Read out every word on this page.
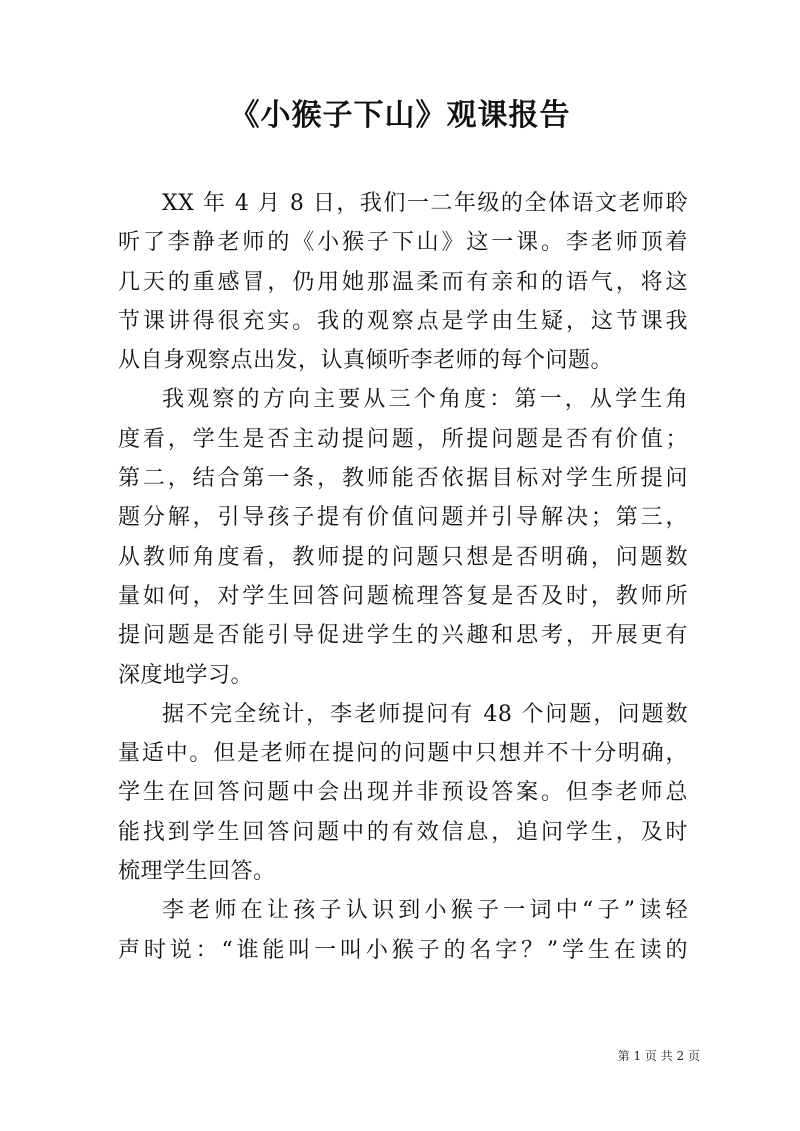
《小猴子下山》观课报告
XX 年 4 月 8 日，我们一二年级的全体语文老师聆
听了李静老师的《小猴子下山》这一课。李老师顶着
几天的重感冒，仍用她那温柔而有亲和的语气，将这
节课讲得很充实。我的观察点是学由生疑，这节课我
从自身观察点出发，认真倾听李老师的每个问题。
我观察的方向主要从三个角度：第一，从学生角
度看，学生是否主动提问题，所提问题是否有价值；
第二，结合第一条，教师能否依据目标对学生所提问
题分解，引导孩子提有价值问题并引导解决；第三，
从教师角度看，教师提的问题只想是否明确，问题数
量如何，对学生回答问题梳理答复是否及时，教师所
提问题是否能引导促进学生的兴趣和思考，开展更有
深度地学习。
据不完全统计，李老师提问有 48 个问题，问题数
量适中。但是老师在提问的问题中只想并不十分明确，
学生在回答问题中会出现并非预设答案。但李老师总
能找到学生回答问题中的有效信息，追问学生，及时
梳理学生回答。
李老师在让孩子认识到小猴子一词中“子”读轻
声时说：“谁能叫一叫小猴子的名字？”学生在读的
第 1 页 共 2 页
